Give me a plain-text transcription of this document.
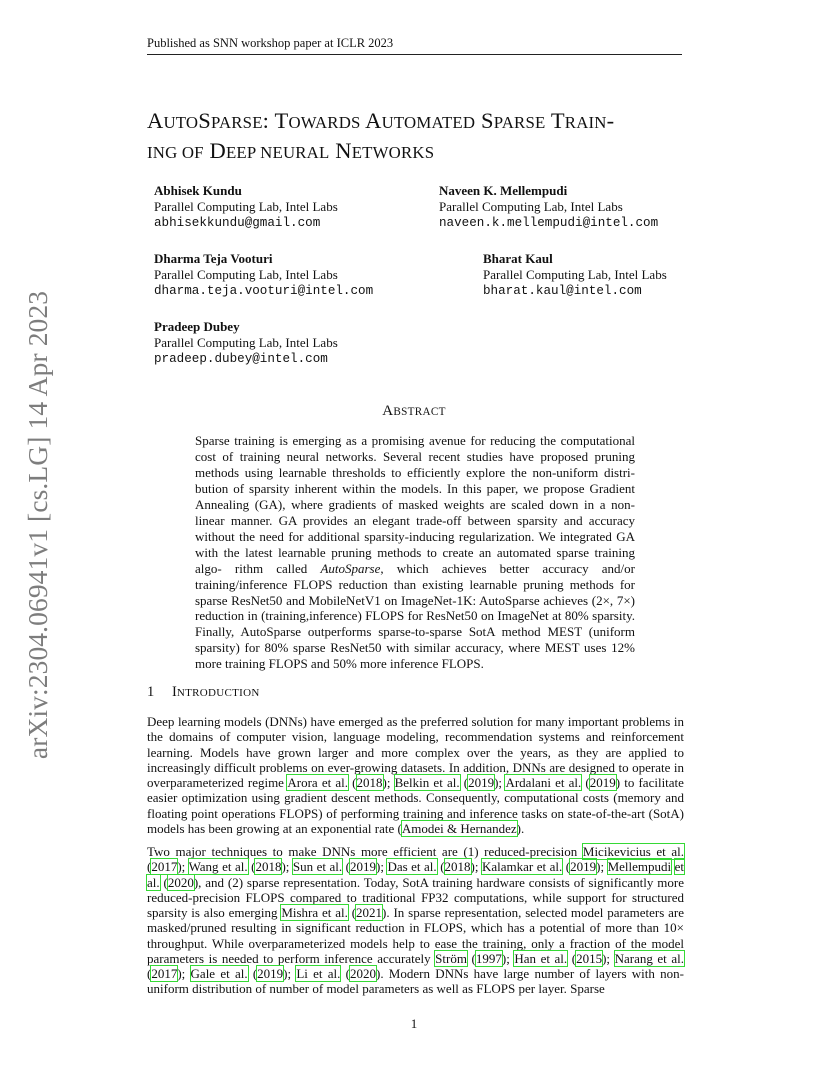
Published as SNN workshop paper at ICLR 2023
arXiv:2304.06941v1 [cs.LG] 14 Apr 2023
AUTOSPARSE: TOWARDS AUTOMATED SPARSE TRAIN-
ING OF DEEP NEURAL NETWORKS
Abhisek Kundu
Parallel Computing Lab, Intel Labs
abhisekkundu@gmail.com
Naveen K. Mellempudi
Parallel Computing Lab, Intel Labs
naveen.k.mellempudi@intel.com
Dharma Teja Vooturi
Parallel Computing Lab, Intel Labs
dharma.teja.vooturi@intel.com
Bharat Kaul
Parallel Computing Lab, Intel Labs
bharat.kaul@intel.com
Pradeep Dubey
Parallel Computing Lab, Intel Labs
pradeep.dubey@intel.com
ABSTRACT
Sparse training is emerging as a promising avenue for reducing the computational cost of training neural networks. Several recent studies have proposed pruning methods using learnable thresholds to efficiently explore the non-uniform distri- bution of sparsity inherent within the models. In this paper, we propose Gradient Annealing (GA), where gradients of masked weights are scaled down in a non-linear manner. GA provides an elegant trade-off between sparsity and accuracy without the need for additional sparsity-inducing regularization. We integrated GA with the latest learnable pruning methods to create an automated sparse training algo- rithm called AutoSparse, which achieves better accuracy and/or training/inference FLOPS reduction than existing learnable pruning methods for sparse ResNet50 and MobileNetV1 on ImageNet-1K: AutoSparse achieves (2×, 7×) reduction in (training,inference) FLOPS for ResNet50 on ImageNet at 80% sparsity. Finally, AutoSparse outperforms sparse-to-sparse SotA method MEST (uniform sparsity) for 80% sparse ResNet50 with similar accuracy, where MEST uses 12% more training FLOPS and 50% more inference FLOPS.
1 INTRODUCTION
Deep learning models (DNNs) have emerged as the preferred solution for many important problems in the domains of computer vision, language modeling, recommendation systems and reinforcement learning. Models have grown larger and more complex over the years, as they are applied to increasingly difficult problems on ever-growing datasets. In addition, DNNs are designed to operate in overparameterized regime Arora et al. (2018); Belkin et al. (2019); Ardalani et al. (2019) to facilitate easier optimization using gradient descent methods. Consequently, computational costs (memory and floating point operations FLOPS) of performing training and inference tasks on state-of-the-art (SotA) models has been growing at an exponential rate (Amodei & Hernandez).
Two major techniques to make DNNs more efficient are (1) reduced-precision Micikevicius et al. (2017); Wang et al. (2018); Sun et al. (2019); Das et al. (2018); Kalamkar et al. (2019); Mellempudi et al. (2020), and (2) sparse representation. Today, SotA training hardware consists of significantly more reduced-precision FLOPS compared to traditional FP32 computations, while support for structured sparsity is also emerging Mishra et al. (2021). In sparse representation, selected model parameters are masked/pruned resulting in significant reduction in FLOPS, which has a potential of more than 10× throughput. While overparameterized models help to ease the training, only a fraction of the model parameters is needed to perform inference accurately Ström (1997); Han et al. (2015); Narang et al. (2017); Gale et al. (2019); Li et al. (2020). Modern DNNs have large number of layers with non-uniform distribution of number of model parameters as well as FLOPS per layer. Sparse
1
